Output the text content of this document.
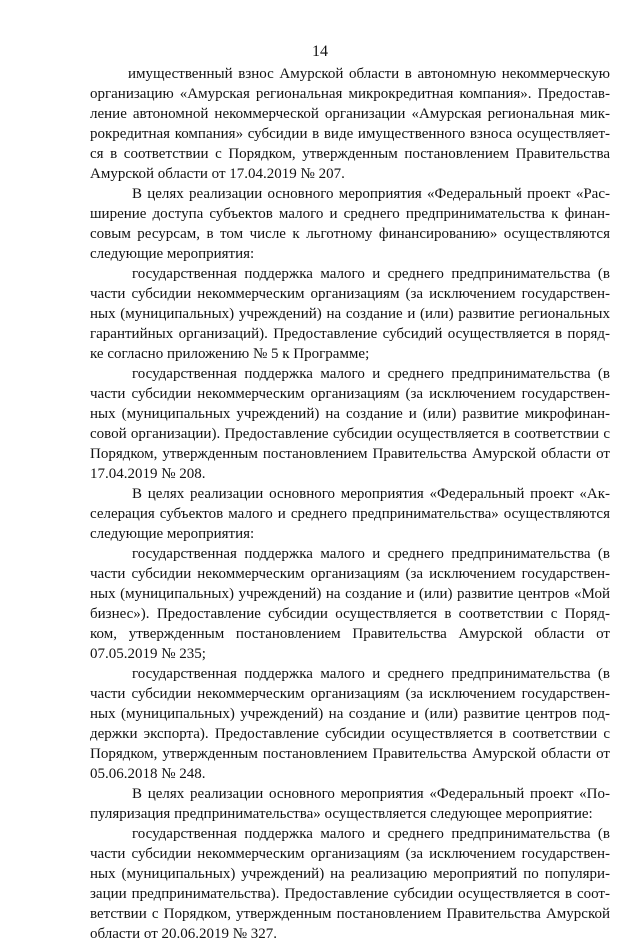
14
имущественный взнос Амурской области в автономную некоммерческую
организацию «Амурская региональная микрокредитная компания». Предостав-
ление автономной некоммерческой организации «Амурская региональная мик-
рокредитная компания» субсидии в виде имущественного взноса осуществляет-
ся в соответствии с Порядком, утвержденным постановлением Правительства
Амурской области от 17.04.2019 № 207.
В целях реализации основного мероприятия «Федеральный проект «Рас-
ширение доступа субъектов малого и среднего предпринимательства к финан-
совым ресурсам, в том числе к льготному финансированию» осуществляются
следующие мероприятия:
государственная поддержка малого и среднего предпринимательства (в
части субсидии некоммерческим организациям (за исключением государствен-
ных (муниципальных) учреждений) на создание и (или) развитие региональных
гарантийных организаций). Предоставление субсидий осуществляется в поряд-
ке согласно приложению № 5 к Программе;
государственная поддержка малого и среднего предпринимательства (в
части субсидии некоммерческим организациям (за исключением государствен-
ных (муниципальных учреждений) на создание и (или) развитие микрофинан-
совой организации). Предоставление субсидии осуществляется в соответствии с
Порядком, утвержденным постановлением Правительства Амурской области от
17.04.2019 № 208.
В целях реализации основного мероприятия «Федеральный проект «Ак-
селерация субъектов малого и среднего предпринимательства» осуществляются
следующие мероприятия:
государственная поддержка малого и среднего предпринимательства (в
части субсидии некоммерческим организациям (за исключением государствен-
ных (муниципальных) учреждений) на создание и (или) развитие центров «Мой
бизнес»). Предоставление субсидии осуществляется в соответствии с Поряд-
ком, утвержденным постановлением Правительства Амурской области от
07.05.2019 № 235;
государственная поддержка малого и среднего предпринимательства (в
части субсидии некоммерческим организациям (за исключением государствен-
ных (муниципальных) учреждений) на создание и (или) развитие центров под-
держки экспорта). Предоставление субсидии осуществляется в соответствии с
Порядком, утвержденным постановлением Правительства Амурской области от
05.06.2018 № 248.
В целях реализации основного мероприятия «Федеральный проект «По-
пуляризация предпринимательства» осуществляется следующее мероприятие:
государственная поддержка малого и среднего предпринимательства (в
части субсидии некоммерческим организациям (за исключением государствен-
ных (муниципальных) учреждений) на реализацию мероприятий по популяри-
зации предпринимательства). Предоставление субсидии осуществляется в соот-
ветствии с Порядком, утвержденным постановлением Правительства Амурской
области от 20.06.2019 № 327.
